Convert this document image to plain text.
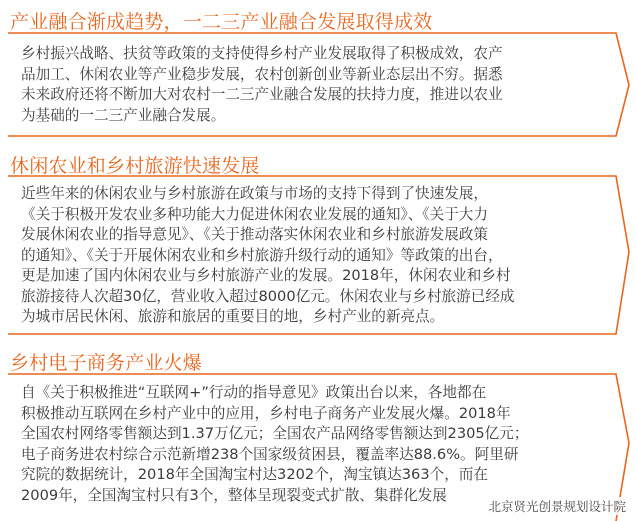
产业融合渐成趋势，一二三产业融合发展取得成效
乡村振兴战略、扶贫等政策的支持使得乡村产业发展取得了积极成效，农产
品加工、休闲农业等产业稳步发展，农村创新创业等新业态层出不穷。据悉
未来政府还将不断加大对农村一二三产业融合发展的扶持力度，推进以农业
为基础的一二三产业融合发展。
休闲农业和乡村旅游快速发展
近些年来的休闲农业与乡村旅游在政策与市场的支持下得到了快速发展，
《关于积极开发农业多种功能大力促进休闲农业发展的通知》、《关于大力
发展休闲农业的指导意见》、《关于推动落实休闲农业和乡村旅游发展政策
的通知》、《关于开展休闲农业和乡村旅游升级行动的通知》等政策的出台，
更是加速了国内休闲农业与乡村旅游产业的发展。2018年，休闲农业和乡村
旅游接待人次超30亿，营业收入超过8000亿元。休闲农业与乡村旅游已经成
为城市居民休闲、旅游和旅居的重要目的地，乡村产业的新亮点。
乡村电子商务产业火爆
自《关于积极推进“互联网+”行动的指导意见》政策出台以来，各地都在
积极推动互联网在乡村产业中的应用，乡村电子商务产业发展火爆。2018年
全国农村网络零售额达到1.37万亿元；全国农产品网络零售额达到2305亿元；
电子商务进农村综合示范新增238个国家级贫困县，覆盖率达88.6%。阿里研
究院的数据统计，2018年全国淘宝村达3202个，淘宝镇达363个，而在
2009年，全国淘宝村只有3个，整体呈现裂变式扩散、集群化发展
北京贤光创景规划设计院
